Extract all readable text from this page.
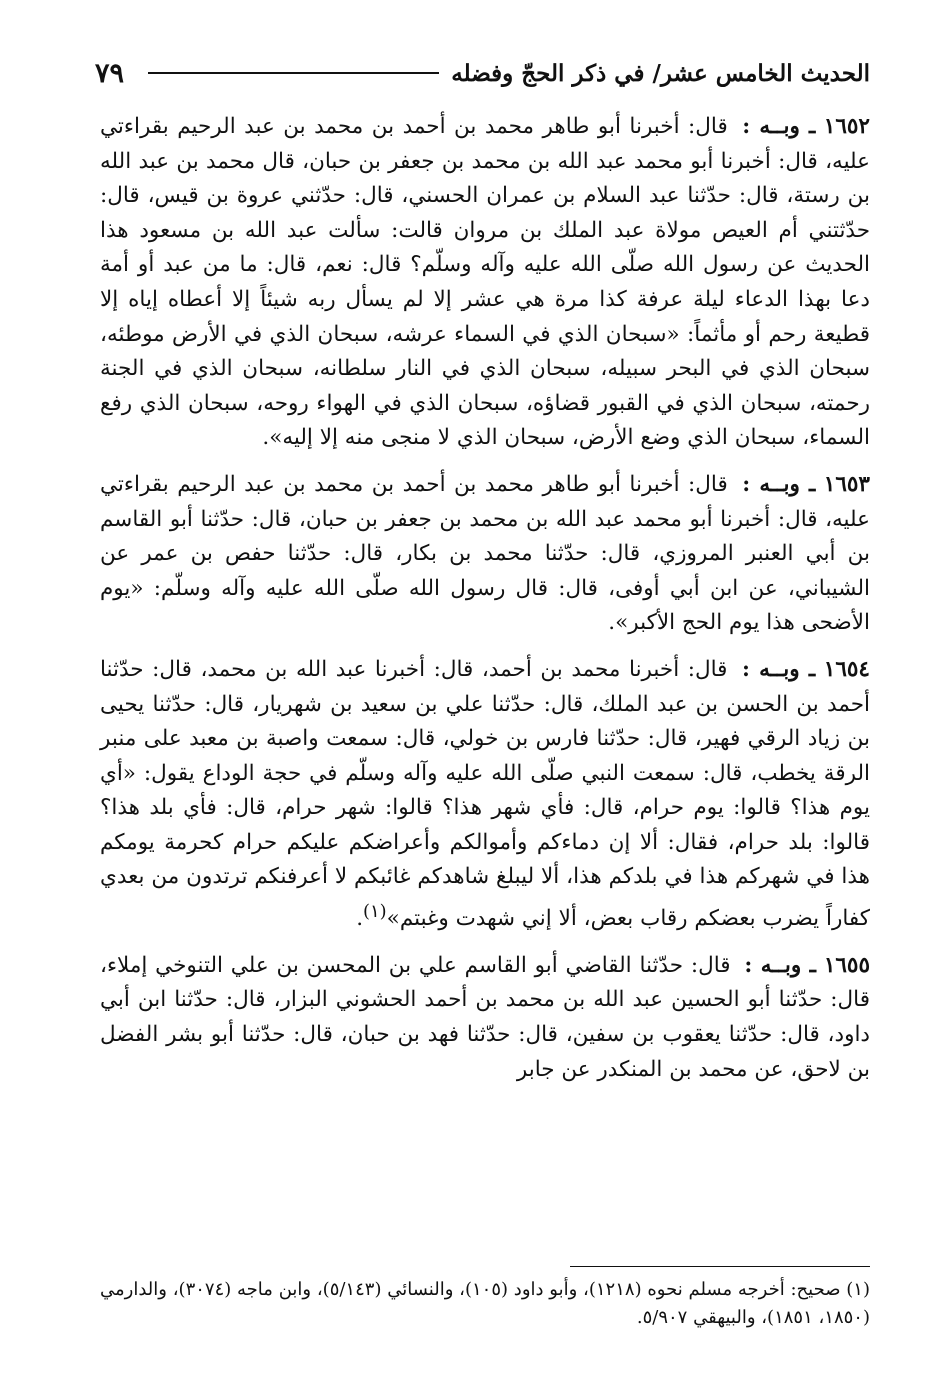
٧٩	الحديث الخامس عشر/ في ذكر الحجّ وفضله

١٦٥٢ ـ وبــه : قال: أخبرنا أبو طاهر محمد بن أحمد بن محمد بن عبد الرحيم بقراءتي عليه، قال: أخبرنا أبو محمد عبد الله بن محمد بن جعفر بن حبان، قال محمد بن عبد الله بن رستة، قال: حدّثنا عبد السلام بن عمران الحسني، قال: حدّثني عروة بن قيس، قال: حدّثتني أم العيص مولاة عبد الملك بن مروان قالت: سألت عبد الله بن مسعود هذا الحديث عن رسول الله صلّى الله عليه وآله وسلّم؟ قال: نعم، قال: ما من عبد أو أمة دعا بهذا الدعاء ليلة عرفة كذا مرة هي عشر إلا لم يسأل ربه شيئاً إلا أعطاه إياه إلا قطيعة رحم أو مأثماً: «سبحان الذي في السماء عرشه، سبحان الذي في الأرض موطئه، سبحان الذي في البحر سبيله، سبحان الذي في النار سلطانه، سبحان الذي في الجنة رحمته، سبحان الذي في القبور قضاؤه، سبحان الذي في الهواء روحه، سبحان الذي رفع السماء، سبحان الذي وضع الأرض، سبحان الذي لا منجى منه إلا إليه».

١٦٥٣ ـ وبــه : قال: أخبرنا أبو طاهر محمد بن أحمد بن محمد بن عبد الرحيم بقراءتي عليه، قال: أخبرنا أبو محمد عبد الله بن محمد بن جعفر بن حبان، قال: حدّثنا أبو القاسم بن أبي العنبر المروزي، قال: حدّثنا محمد بن بكار، قال: حدّثنا حفص بن عمر عن الشيباني، عن ابن أبي أوفى، قال: قال رسول الله صلّى الله عليه وآله وسلّم: «يوم الأضحى هذا يوم الحج الأكبر».

١٦٥٤ ـ وبــه : قال: أخبرنا محمد بن أحمد، قال: أخبرنا عبد الله بن محمد، قال: حدّثنا أحمد بن الحسن بن عبد الملك، قال: حدّثنا علي بن سعيد بن شهريار، قال: حدّثنا يحيى بن زياد الرقي فهير، قال: حدّثنا فارس بن خولي، قال: سمعت واصبة بن معبد على منبر الرقة يخطب، قال: سمعت النبي صلّى الله عليه وآله وسلّم في حجة الوداع يقول: «أي يوم هذا؟ قالوا: يوم حرام، قال: فأي شهر هذا؟ قالوا: شهر حرام، قال: فأي بلد هذا؟ قالوا: بلد حرام، فقال: ألا إن دماءكم وأموالكم وأعراضكم عليكم حرام كحرمة يومكم هذا في شهركم هذا في بلدكم هذا، ألا ليبلغ شاهدكم غائبكم لا أعرفنكم ترتدون من بعدي كفاراً يضرب بعضكم رقاب بعض، ألا إني شهدت وغبتم»$^{(١)}$.

١٦٥٥ ـ وبــه : قال: حدّثنا القاضي أبو القاسم علي بن المحسن بن علي التنوخي إملاء، قال: حدّثنا أبو الحسين عبد الله بن محمد بن أحمد الحشوني البزار، قال: حدّثنا ابن أبي داود، قال: حدّثنا يعقوب بن سفين، قال: حدّثنا فهد بن حبان، قال: حدّثنا أبو بشر الفضل بن لاحق، عن محمد بن المنكدر عن جابر

(١) صحيح: أخرجه مسلم نحوه (١٢١٨)، وأبو داود (١٠٥)، والنسائي (٥/١٤٣)، وابن ماجه (٣٠٧٤)، والدارمي (١٨٥٠، ١٨٥١)، والبيهقي ٥/٩٠٧.
